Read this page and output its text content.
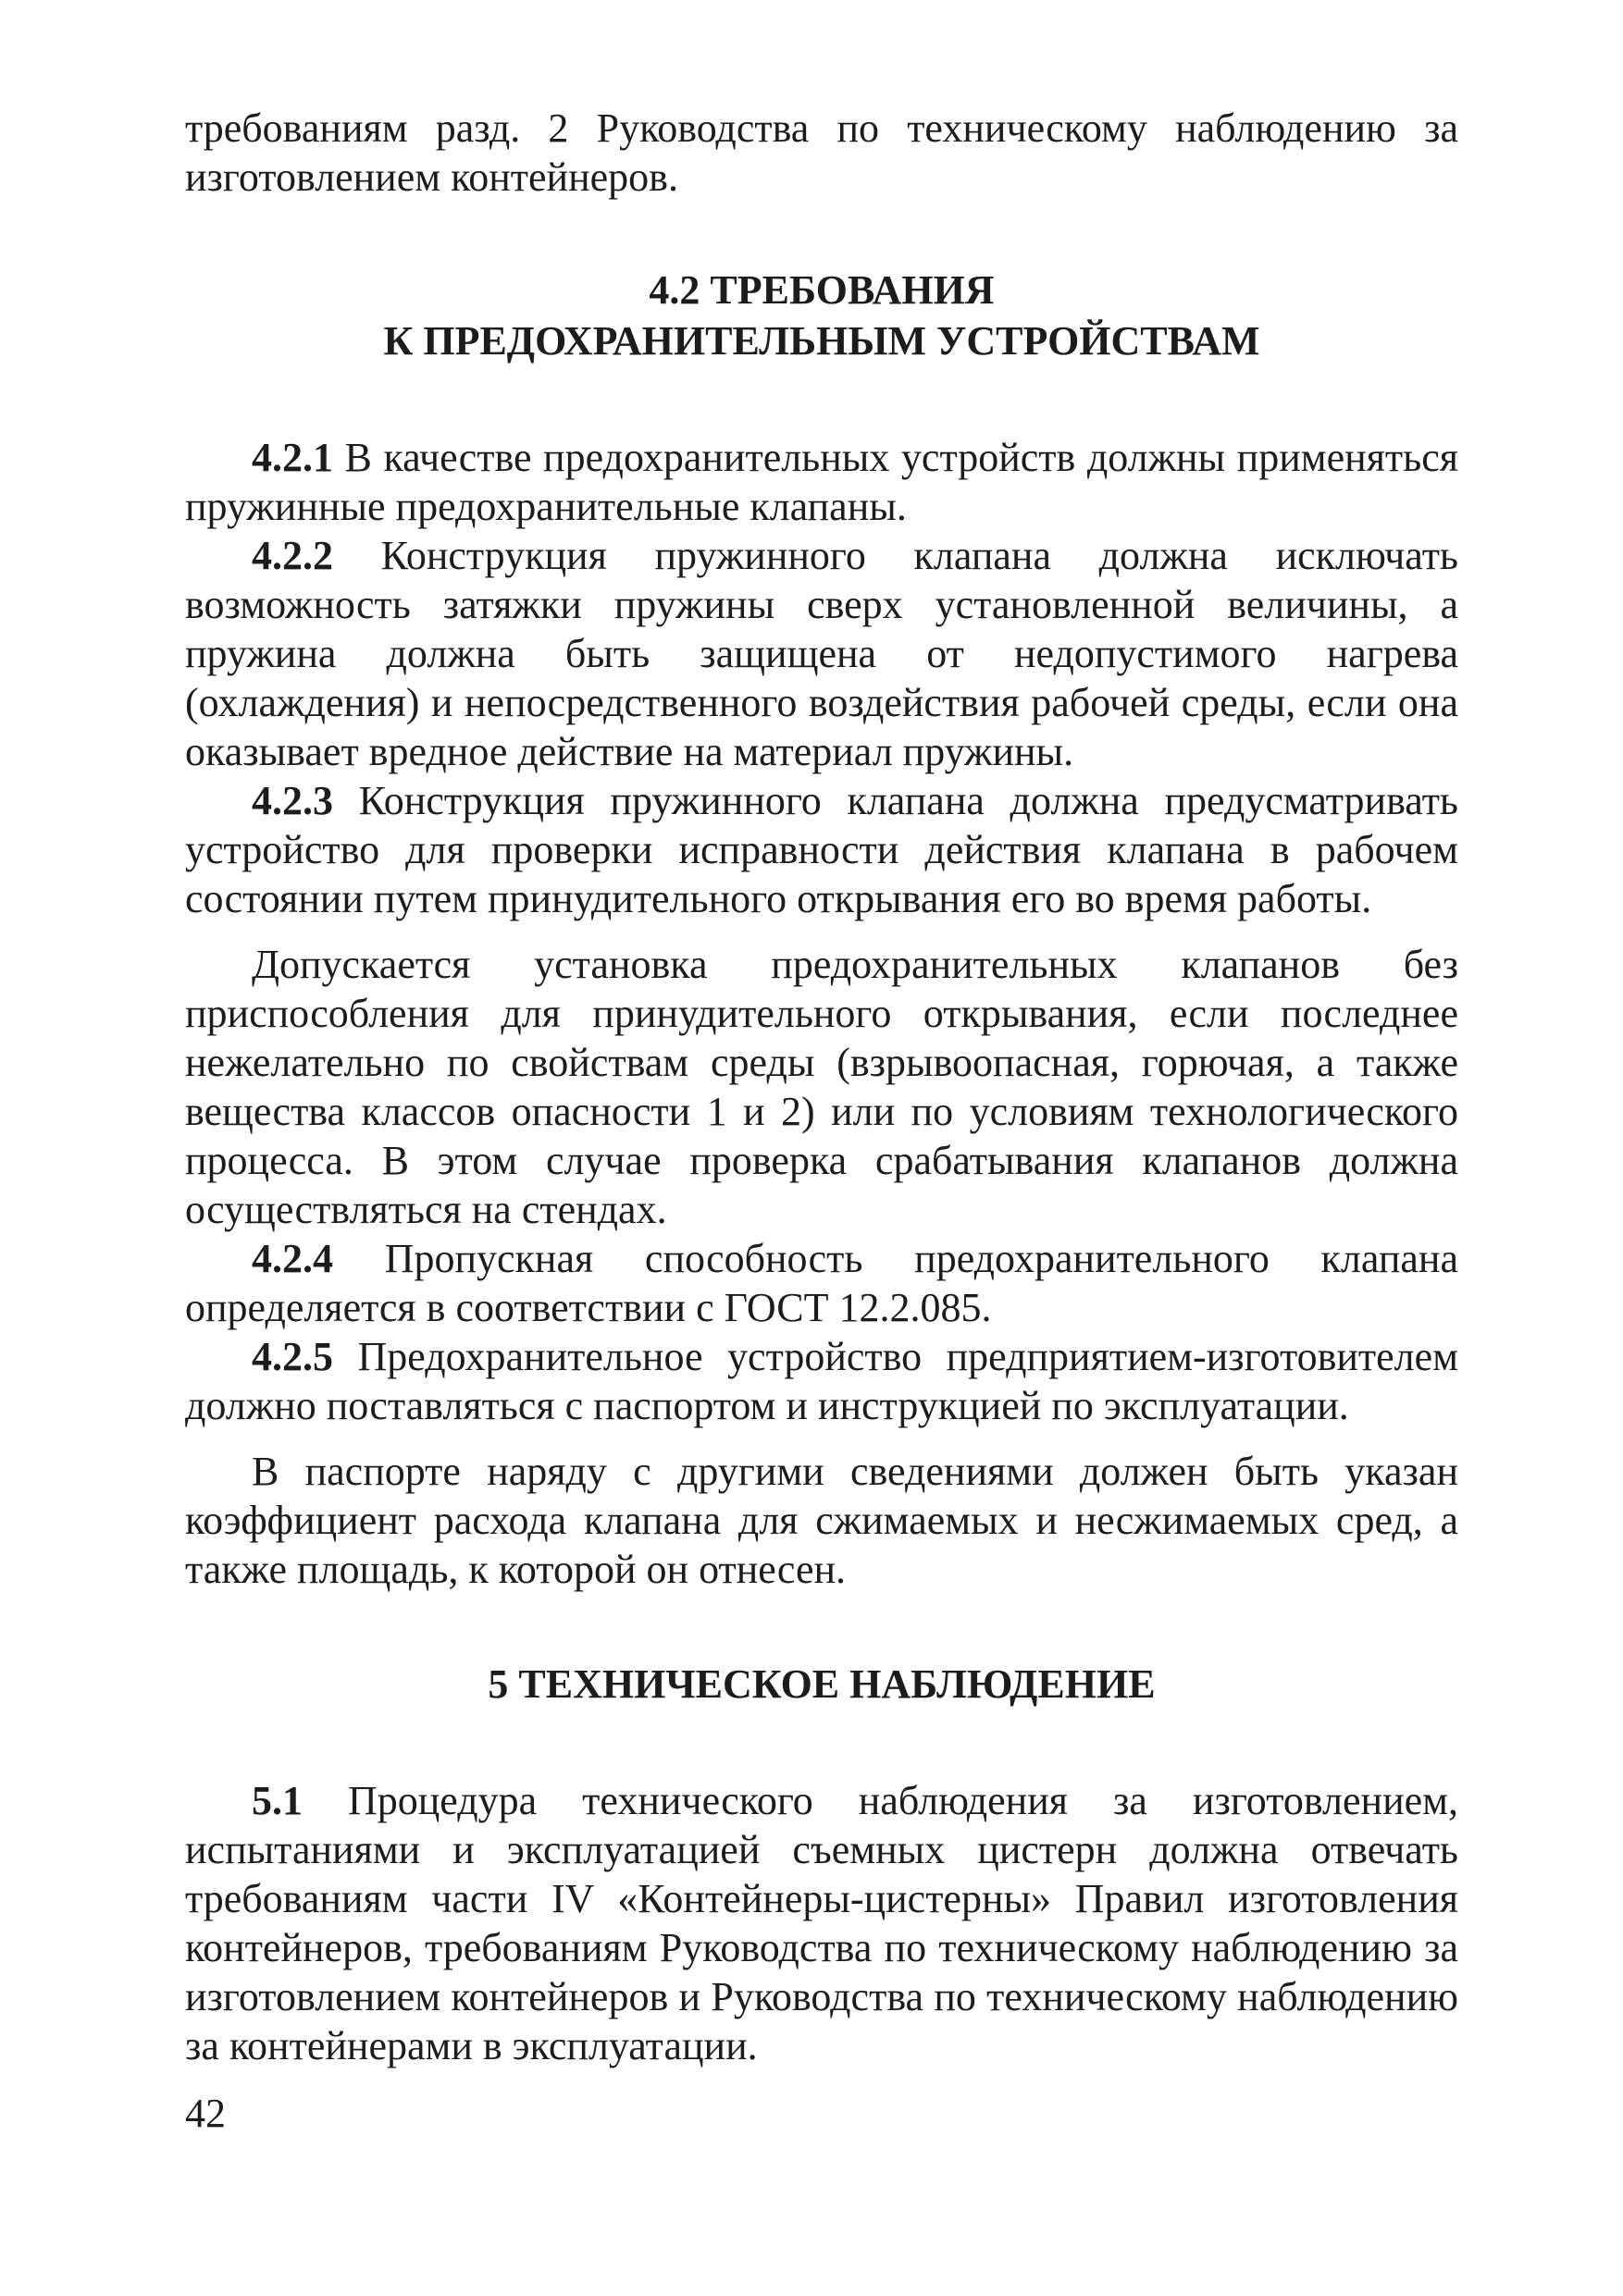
требованиям разд. 2 Руководства по техническому наблюдению за изготовлением контейнеров.

4.2 ТРЕБОВАНИЯ
К ПРЕДОХРАНИТЕЛЬНЫМ УСТРОЙСТВАМ

4.2.1 В качестве предохранительных устройств должны применяться пружинные предохранительные клапаны.

4.2.2 Конструкция пружинного клапана должна исключать возможность затяжки пружины сверх установленной величины, а пружина должна быть защищена от недопустимого нагрева (охлаждения) и непосредственного воздействия рабочей среды, если она оказывает вредное действие на материал пружины.

4.2.3 Конструкция пружинного клапана должна предусматривать устройство для проверки исправности действия клапана в рабочем состоянии путем принудительного открывания его во время работы.

Допускается установка предохранительных клапанов без приспособления для принудительного открывания, если последнее нежелательно по свойствам среды (взрывоопасная, горючая, а также вещества классов опасности 1 и 2) или по условиям технологического процесса. В этом случае проверка срабатывания клапанов должна осуществляться на стендах.

4.2.4 Пропускная способность предохранительного клапана определяется в соответствии с ГОСТ 12.2.085.

4.2.5 Предохранительное устройство предприятием-изготовителем должно поставляться с паспортом и инструкцией по эксплуатации.

В паспорте наряду с другими сведениями должен быть указан коэффициент расхода клапана для сжимаемых и несжимаемых сред, а также площадь, к которой он отнесен.

5 ТЕХНИЧЕСКОЕ НАБЛЮДЕНИЕ

5.1 Процедура технического наблюдения за изготовлением, испытаниями и эксплуатацией съемных цистерн должна отвечать требованиям части IV «Контейнеры-цистерны» Правил изготовления контейнеров, требованиям Руководства по техническому наблюдению за изготовлением контейнеров и Руководства по техническому наблюдению за контейнерами в эксплуатации.

42
